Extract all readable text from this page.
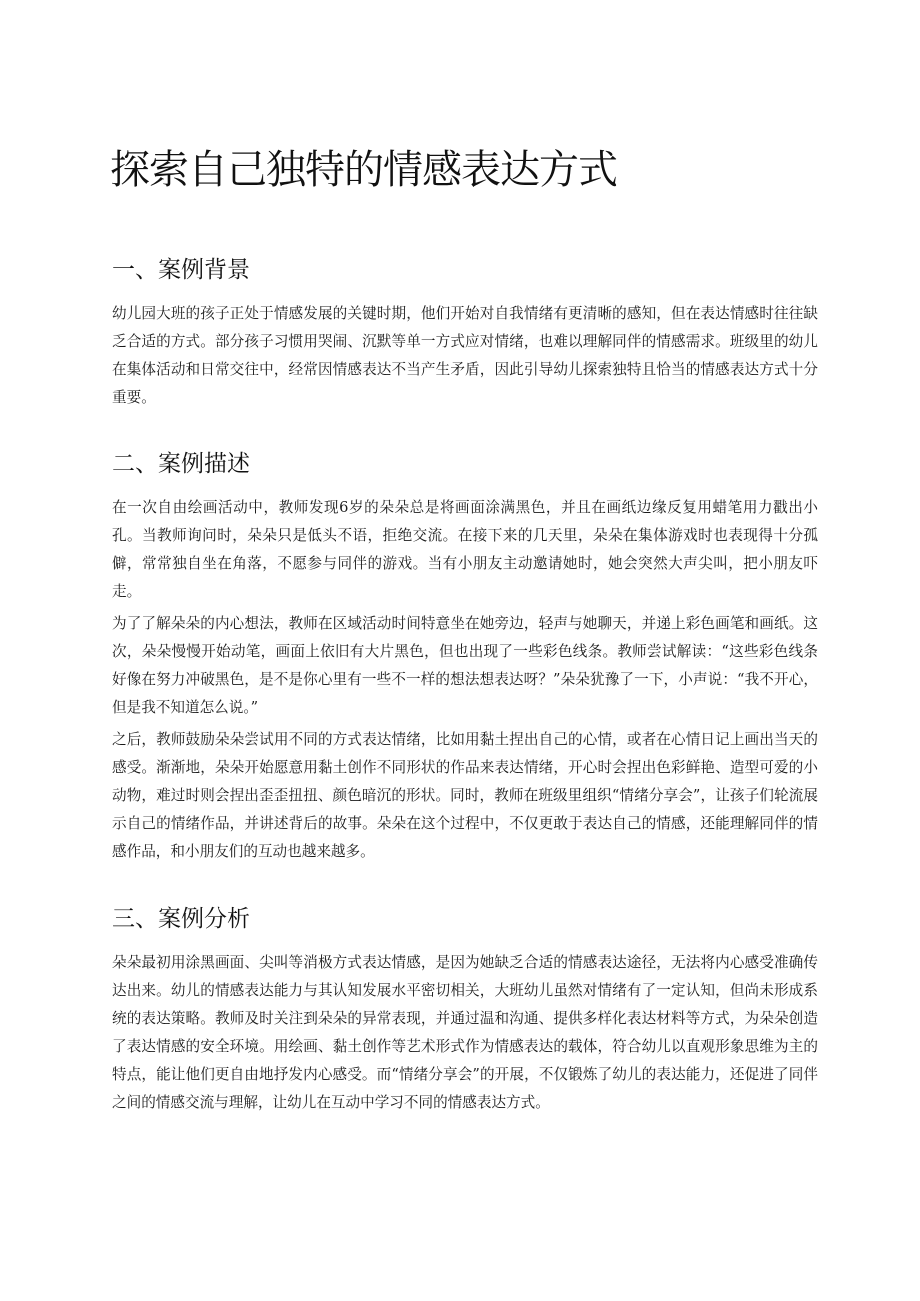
探索自己独特的情感表达方式
一、案例背景

幼儿园大班的孩子正处于情感发展的关键时期，他们开始对自我情绪有更清晰的感知，但在表达情感时往往缺乏合适的方式。部分孩子习惯用哭闹、沉默等单一方式应对情绪，也难以理解同伴的情感需求。班级里的幼儿在集体活动和日常交往中，经常因情感表达不当产生矛盾，因此引导幼儿探索独特且恰当的情感表达方式十分重要。

二、案例描述

在一次自由绘画活动中，教师发现6岁的朵朵总是将画面涂满黑色，并且在画纸边缘反复用蜡笔用力戳出小孔。当教师询问时，朵朵只是低头不语，拒绝交流。在接下来的几天里，朵朵在集体游戏时也表现得十分孤僻，常常独自坐在角落，不愿参与同伴的游戏。当有小朋友主动邀请她时，她会突然大声尖叫，把小朋友吓走。

为了了解朵朵的内心想法，教师在区域活动时间特意坐在她旁边，轻声与她聊天，并递上彩色画笔和画纸。这次，朵朵慢慢开始动笔，画面上依旧有大片黑色，但也出现了一些彩色线条。教师尝试解读：“这些彩色线条好像在努力冲破黑色，是不是你心里有一些不一样的想法想表达呀？”朵朵犹豫了一下，小声说：“我不开心，但是我不知道怎么说。”

之后，教师鼓励朵朵尝试用不同的方式表达情绪，比如用黏土捏出自己的心情，或者在心情日记上画出当天的感受。渐渐地，朵朵开始愿意用黏土创作不同形状的作品来表达情绪，开心时会捏出色彩鲜艳、造型可爱的小动物，难过时则会捏出歪歪扭扭、颜色暗沉的形状。同时，教师在班级里组织“情绪分享会”，让孩子们轮流展示自己的情绪作品，并讲述背后的故事。朵朵在这个过程中，不仅更敢于表达自己的情感，还能理解同伴的情感作品，和小朋友们的互动也越来越多。

三、案例分析

朵朵最初用涂黑画面、尖叫等消极方式表达情感，是因为她缺乏合适的情感表达途径，无法将内心感受准确传达出来。幼儿的情感表达能力与其认知发展水平密切相关，大班幼儿虽然对情绪有了一定认知，但尚未形成系统的表达策略。教师及时关注到朵朵的异常表现，并通过温和沟通、提供多样化表达材料等方式，为朵朵创造了表达情感的安全环境。用绘画、黏土创作等艺术形式作为情感表达的载体，符合幼儿以直观形象思维为主的特点，能让他们更自由地抒发内心感受。而“情绪分享会”的开展，不仅锻炼了幼儿的表达能力，还促进了同伴之间的情感交流与理解，让幼儿在互动中学习不同的情感表达方式。
